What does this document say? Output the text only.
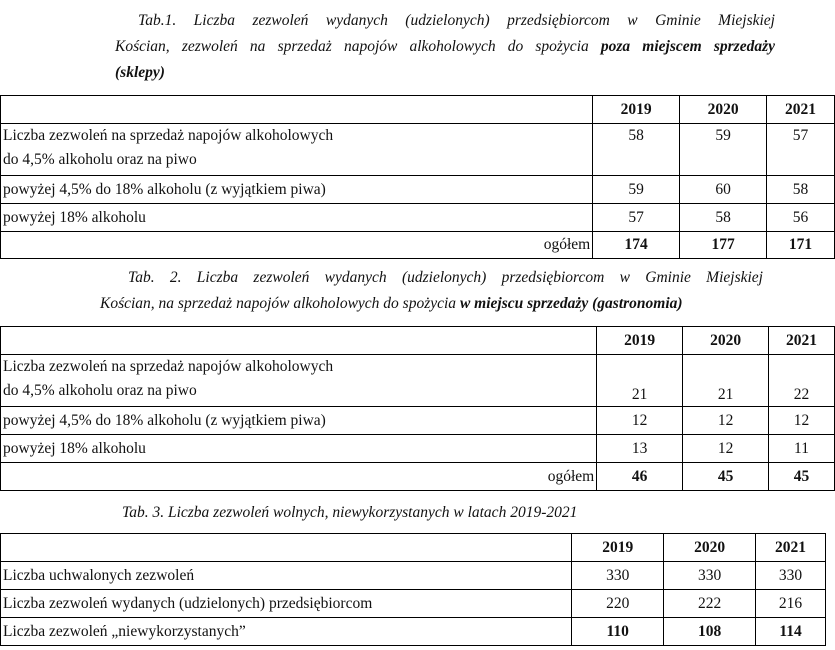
Tab.1. Liczba zezwoleń wydanych (udzielonych) przedsiębiorcom w Gminie Miejskiej
Kościan, zezwoleń na sprzedaż napojów alkoholowych do spożycia poza miejscem sprzedaży
(sklepy)
	2019	2020	2021

Liczba zezwoleń na sprzedaż napojów alkoholowych
do 4,5% alkoholu oraz na piwo	58	59	57
powyżej 4,5% do 18% alkoholu (z wyjątkiem piwa)	59	60	58
powyżej 18% alkoholu	57	58	56
ogółem	174	177	171
Tab. 2. Liczba zezwoleń wydanych (udzielonych) przedsiębiorcom w Gminie Miejskiej
Kościan, na sprzedaż napojów alkoholowych do spożycia w miejscu sprzedaży (gastronomia)
	2019	2020	2021

Liczba zezwoleń na sprzedaż napojów alkoholowych
do 4,5% alkoholu oraz na piwo	21	21	22
powyżej 4,5% do 18% alkoholu (z wyjątkiem piwa)	12	12	12
powyżej 18% alkoholu	13	12	11
ogółem	46	45	45
Tab. 3. Liczba zezwoleń wolnych, niewykorzystanych w latach 2019-2021
	2019	2020	2021
Liczba uchwalonych zezwoleń	330	330	330
Liczba zezwoleń wydanych (udzielonych) przedsiębiorcom	220	222	216
Liczba zezwoleń „niewykorzystanych”	110	108	114
